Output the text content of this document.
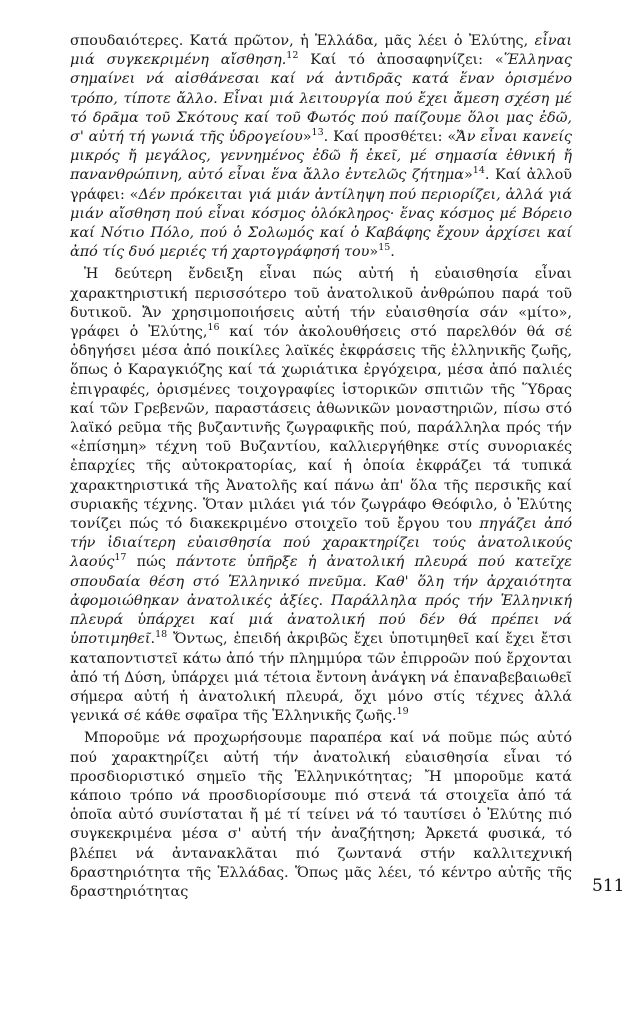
σπουδαιότερες. Κατά πρῶτον, ἡ Ἑλλάδα, μᾶς λέει ὁ Ἐλύτης, εἶναι μιά συγκεκριμένη αἴσθηση.$^{12}$ Καί τό ἀποσαφηνίζει: «Ἕλληνας σημαίνει νά αἰσθάνεσαι καί νά ἀντιδρᾶς κατά ἕναν ὁρισμένο τρόπο, τίποτε ἄλλο. Εἶναι μιά λειτουργία πού ἔχει ἄμεση σχέση μέ τό δρᾶμα τοῦ Σκότους καί τοῦ Φωτός πού παίζουμε ὅλοι μας ἐδῶ, σ' αὐτή τή γωνιά τῆς ὑδρογείου»$^{13}$. Καί προσθέτει: «Ἄν εἶναι κανείς μικρός ἤ μεγάλος, γεννημένος ἐδῶ ἤ ἐκεῖ, μέ σημασία ἐθνική ἤ πανανθρώπινη, αὐτό εἶναι ἕνα ἄλλο ἐντελῶς ζήτημα»$^{14}$. Καί ἀλλοῦ γράφει: «Δέν πρόκειται γιά μιάν ἀντίληψη πού περιορίζει, ἀλλά γιά μιάν αἴσθηση πού εἶναι κόσμος ὁλόκληρος· ἕνας κόσμος μέ Βόρειο καί Νότιο Πόλο, πού ὁ Σολωμός καί ὁ Καβάφης ἔχουν ἀρχίσει καί ἀπό τίς δυό μεριές τή χαρτογράφησή του»$^{15}$.

Ἡ δεύτερη ἔνδειξη εἶναι πώς αὐτή ἡ εὐαισθησία εἶναι χαρακτηριστική περισσότερο τοῦ ἀνατολικοῦ ἀνθρώπου παρά τοῦ δυτικοῦ. Ἄν χρησιμοποιήσεις αὐτή τήν εὐαισθησία σάν «μίτο», γράφει ὁ Ἐλύτης,$^{16}$ καί τόν ἀκολουθήσεις στό παρελθόν θά σέ ὁδηγήσει μέσα ἀπό ποικίλες λαϊκές ἐκφράσεις τῆς ἑλληνικῆς ζωῆς, ὅπως ὁ Καραγκιόζης καί τά χωριάτικα ἐργόχειρα, μέσα ἀπό παλιές ἐπιγραφές, ὁρισμένες τοιχογραφίες ἱστορικῶν σπιτιῶν τῆς Ὕδρας καί τῶν Γρεβενῶν, παραστάσεις ἀθωνικῶν μοναστηριῶν, πίσω στό λαϊκό ρεῦμα τῆς βυζαντινῆς ζωγραφικῆς πού, παράλληλα πρός τήν «ἐπίσημη» τέχνη τοῦ Βυζαντίου, καλλιεργήθηκε στίς συνοριακές ἐπαρχίες τῆς αὐτοκρατορίας, καί ἡ ὁποία ἐκφράζει τά τυπικά χαρακτηριστικά τῆς Ἀνατολῆς καί πάνω ἀπ' ὅλα τῆς περσικῆς καί συριακῆς τέχνης. Ὅταν μιλάει γιά τόν ζωγράφο Θεόφιλο, ὁ Ἐλύτης τονίζει πώς τό διακεκριμένο στοιχεῖο τοῦ ἔργου του πηγάζει ἀπό τήν ἰδιαίτερη εὐαισθησία πού χαρακτηρίζει τούς ἀνατολικούς λαούς$^{17}$ πώς πάντοτε ὑπῆρξε ἡ ἀνατολική πλευρά πού κατεῖχε σπουδαία θέση στό Ἑλληνικό πνεῦμα. Καθ' ὅλη τήν ἀρχαιότητα ἀφομοιώθηκαν ἀνατολικές ἀξίες. Παράλληλα πρός τήν Ἑλληνική πλευρά ὑπάρχει καί μιά ἀνατολική πού δέν θά πρέπει νά ὑποτιμηθεῖ.$^{18}$ Ὄντως, ἐπειδή ἀκριβῶς ἔχει ὑποτιμηθεῖ καί ἔχει ἔτσι καταποντιστεῖ κάτω ἀπό τήν πλημμύρα τῶν ἐπιρροῶν πού ἔρχονται ἀπό τή Δύση, ὑπάρχει μιά τέτοια ἔντονη ἀνάγκη νά ἐπαναβεβαιωθεῖ σήμερα αὐτή ἡ ἀνατολική πλευρά, ὄχι μόνο στίς τέχνες ἀλλά γενικά σέ κάθε σφαῖρα τῆς Ἑλληνικῆς ζωῆς.$^{19}$

Μποροῦμε νά προχωρήσουμε παραπέρα καί νά ποῦμε πώς αὐτό πού χαρακτηρίζει αὐτή τήν ἀνατολική εὐαισθησία εἶναι τό προσδιοριστικό σημεῖο τῆς Ἑλληνικότητας; Ἤ μποροῦμε κατά κάποιο τρόπο νά προσδιορίσουμε πιό στενά τά στοιχεῖα ἀπό τά ὁποῖα αὐτό συνίσταται ἤ μέ τί τείνει νά τό ταυτίσει ὁ Ἐλύτης πιό συγκεκριμένα μέσα σ' αὐτή τήν ἀναζήτηση; Ἀρκετά φυσικά, τό βλέπει νά ἀντανακλᾶται πιό ζωντανά στήν καλλιτεχνική δραστηριότητα τῆς Ἑλλάδας. Ὅπως μᾶς λέει, τό κέντρο αὐτῆς τῆς δραστηριότητας	511
